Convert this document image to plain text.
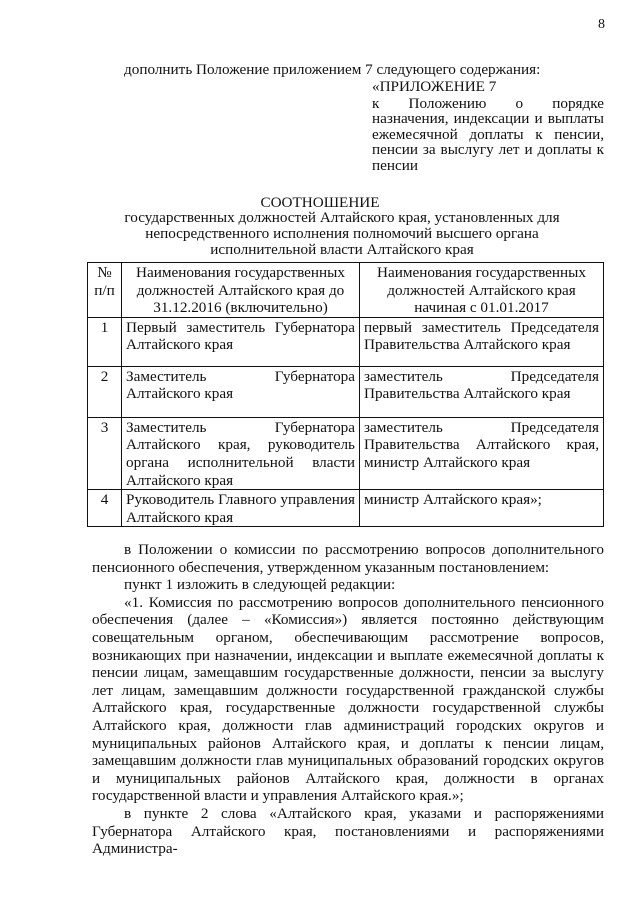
8
дополнить Положение приложением 7 следующего содержания:
«ПРИЛОЖЕНИЕ 7
к Положению о порядке назначения, индексации и выплаты ежемесячной доплаты к пенсии, пенсии за выслугу лет и доплаты к пенсии
СООТНОШЕНИЕ
государственных должностей Алтайского края, установленных для непосредственного исполнения полномочий высшего органа исполнительной власти Алтайского края
№ п/п	Наименования государственных должностей Алтайского края до 31.12.2016 (включительно)	Наименования государственных должностей Алтайского края начиная с 01.01.2017
1	Первый заместитель Губернатора Алтайского края	первый заместитель Председателя Правительства Алтайского края
2	Заместитель Губернатора Алтайского края	заместитель Председателя Правительства Алтайского края
3	Заместитель Губернатора Алтайского края, руководитель органа исполнительной власти Алтайского края	заместитель Председателя Правительства Алтайского края, министр Алтайского края
4	Руководитель Главного управления Алтайского края	министр Алтайского края»;

в Положении о комиссии по рассмотрению вопросов дополнительного пенсионного обеспечения, утвержденном указанным постановлением:

пункт 1 изложить в следующей редакции:

«1. Комиссия по рассмотрению вопросов дополнительного пенсионного обеспечения (далее – «Комиссия») является постоянно действующим совещательным органом, обеспечивающим рассмотрение вопросов, возникающих при назначении, индексации и выплате ежемесячной доплаты к пенсии лицам, замещавшим государственные должности, пенсии за выслугу лет лицам, замещавшим должности государственной гражданской службы Алтайского края, государственные должности государственной службы Алтайского края, должности глав администраций городских округов и муниципальных районов Алтайского края, и доплаты к пенсии лицам, замещавшим должности глав муниципальных образований городских округов и муниципальных районов Алтайского края, должности в органах государственной власти и управления Алтайского края.»;

в пункте 2 слова «Алтайского края, указами и распоряжениями Губернатора Алтайского края, постановлениями и распоряжениями Администра-
